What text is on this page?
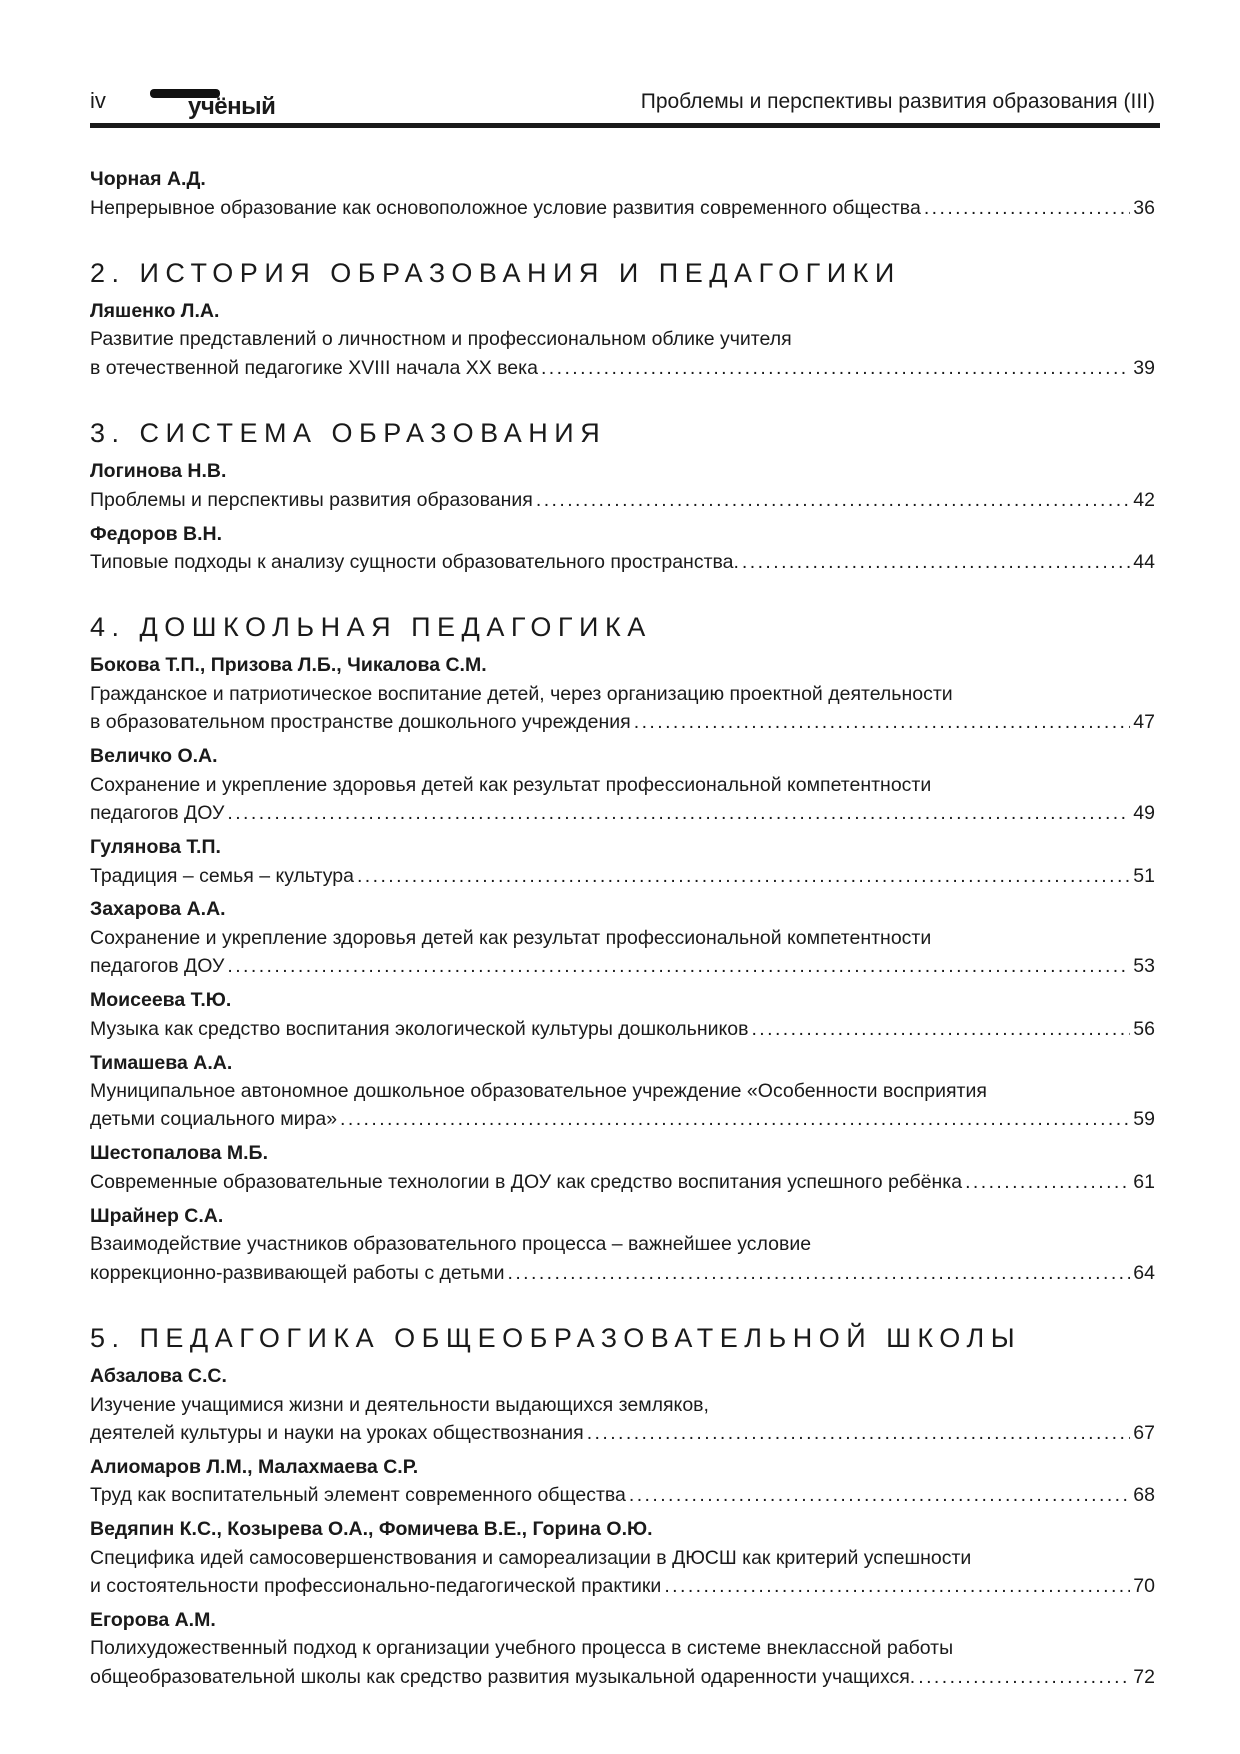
iv	учёный	Проблемы и перспективы развития образования (III)
Чорная А.Д.
Непрерывное образование как основоположное условие развития современного общества . . .	36
2. ИСТОРИЯ ОБРАЗОВАНИЯ И ПЕДАГОГИКИ
Ляшенко Л.А.
Развитие представлений о личностном и профессиональном облике учителя
в отечественной педагогике XVIII начала XX века . . .	39
3. СИСТЕМА ОБРАЗОВАНИЯ
Логинова Н.В.
Проблемы и перспективы развития образования . . .	42
Федоров В.Н.
Типовые подходы к анализу сущности образовательного пространства. . . .	44
4. ДОШКОЛЬНАЯ ПЕДАГОГИКА
Бокова Т.П., Призова Л.Б., Чикалова С.М.
Гражданское и патриотическое воспитание детей, через организацию проектной деятельности
в образовательном пространстве дошкольного учреждения . . .	47
Величко О.А.
Сохранение и укрепление здоровья детей как результат профессиональной компетентности
педагогов ДОУ . . .	49
Гулянова Т.П.
Традиция – семья – культура . . .	51
Захарова А.А.
Сохранение и укрепление здоровья детей как результат профессиональной компетентности
педагогов ДОУ . . .	53
Моисеева Т.Ю.
Музыка как средство воспитания экологической культуры дошкольников . . .	56
Тимашева А.А.
Муниципальное автономное дошкольное образовательное учреждение «Особенности восприятия
детьми социального мира» . . .	59
Шестопалова М.Б.
Современные образовательные технологии в ДОУ как средство воспитания успешного ребёнка . . .	61
Шрайнер С.А.
Взаимодействие участников образовательного процесса – важнейшее условие
коррекционно-развивающей работы с детьми . . .	64
5. ПЕДАГОГИКА ОБЩЕОБРАЗОВАТЕЛЬНОЙ ШКОЛЫ
Абзалова С.С.
Изучение учащимися жизни и деятельности выдающихся земляков,
деятелей культуры и науки на уроках обществознания . . .	67
Алиомаров Л.М., Малахмаева С.Р.
Труд как воспитательный элемент современного общества . . .	68
Ведяпин К.С., Козырева О.А., Фомичева В.Е., Горина О.Ю.
Специфика идей самосовершенствования и самореализации в ДЮСШ как критерий успешности
и состоятельности профессионально-педагогической практики . . .	70
Егорова А.М.
Полихудожественный подход к организации учебного процесса в системе внеклассной работы
общеобразовательной школы как средство развития музыкальной одаренности учащихся. . . .	72
